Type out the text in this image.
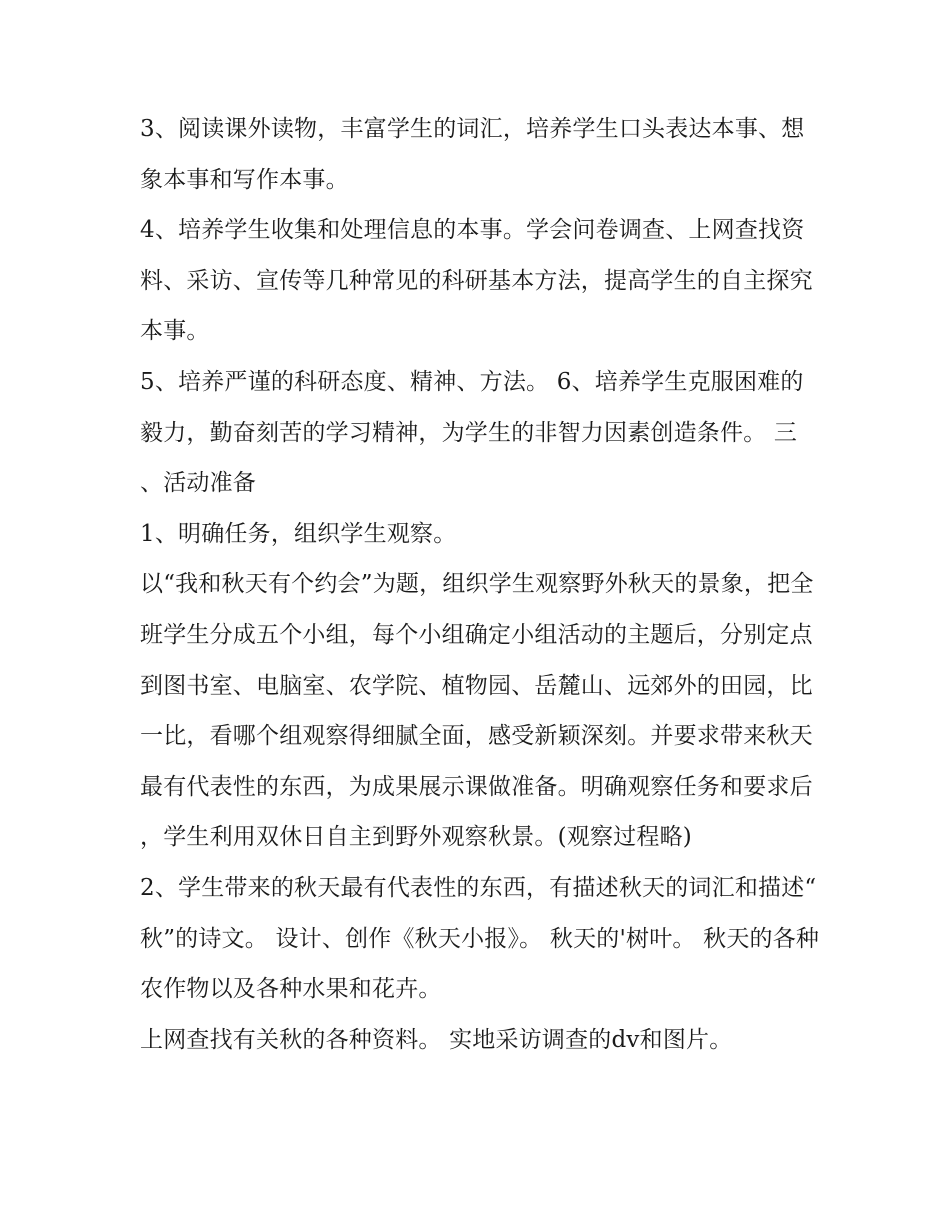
3、阅读课外读物，丰富学生的词汇，培养学生口头表达本事、想象本事和写作本事。

4、培养学生收集和处理信息的本事。学会问卷调查、上网查找资料、采访、宣传等几种常见的科研基本方法，提高学生的自主探究本事。

5、培养严谨的科研态度、精神、方法。 6、培养学生克服困难的毅力，勤奋刻苦的学习精神，为学生的非智力因素创造条件。 三、活动准备

1、明确任务，组织学生观察。

以“我和秋天有个约会”为题，组织学生观察野外秋天的景象，把全班学生分成五个小组，每个小组确定小组活动的主题后，分别定点到图书室、电脑室、农学院、植物园、岳麓山、远郊外的田园，比一比，看哪个组观察得细腻全面，感受新颖深刻。并要求带来秋天最有代表性的东西，为成果展示课做准备。明确观察任务和要求后，学生利用双休日自主到野外观察秋景。(观察过程略)

2、学生带来的秋天最有代表性的东西，有描述秋天的词汇和描述“秋”的诗文。 设计、创作《秋天小报》。 秋天的'树叶。 秋天的各种农作物以及各种水果和花卉。

上网查找有关秋的各种资料。 实地采访调查的dv和图片。
